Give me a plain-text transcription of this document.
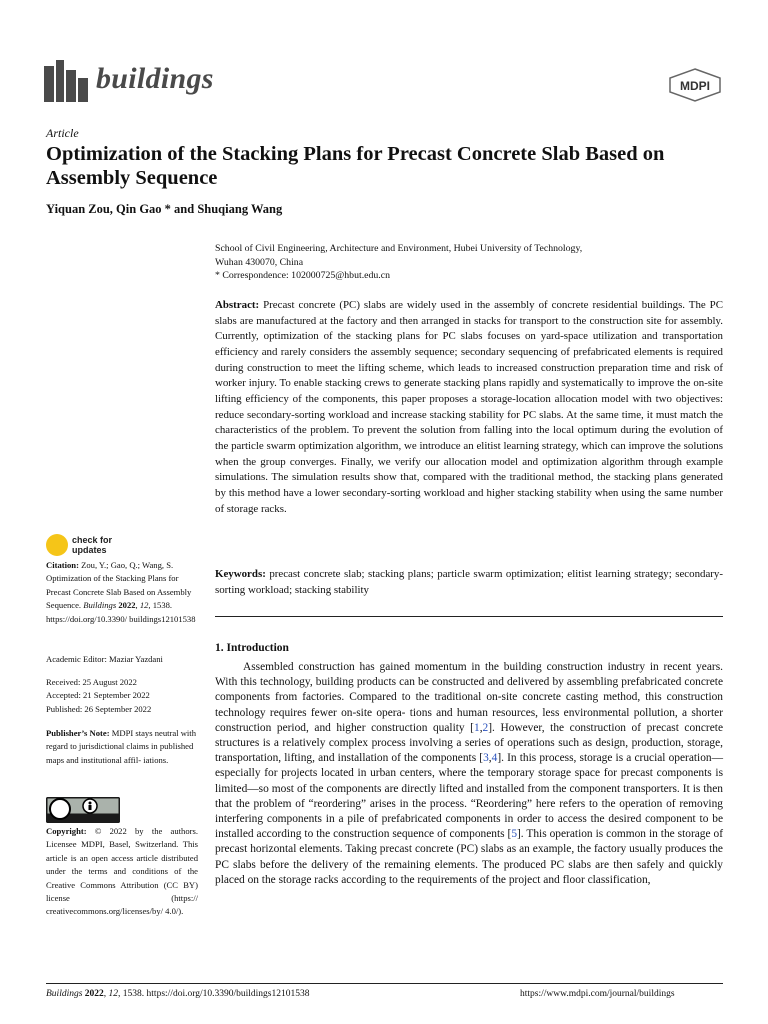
buildings	MDPI
Article
Optimization of the Stacking Plans for Precast Concrete Slab Based on Assembly Sequence
Yiquan Zou, Qin Gao * and Shuqiang Wang
School of Civil Engineering, Architecture and Environment, Hubei University of Technology,
Wuhan 430070, China
* Correspondence: 102000725@hbut.edu.cn
Abstract: Precast concrete (PC) slabs are widely used in the assembly of concrete residential buildings. The PC slabs are manufactured at the factory and then arranged in stacks for transport to the construction site for assembly. Currently, optimization of the stacking plans for PC slabs focuses on yard-space utilization and transportation efficiency and rarely considers the assembly sequence; secondary sequencing of prefabricated elements is required during construction to meet the lifting scheme, which leads to increased construction preparation time and risk of worker injury. To enable stacking crews to generate stacking plans rapidly and systematically to improve the on-site lifting efficiency of the components, this paper proposes a storage-location allocation model with two objectives: reduce secondary-sorting workload and increase stacking stability for PC slabs. At the same time, it must match the characteristics of the problem. To prevent the solution from falling into the local optimum during the evolution of the particle swarm optimization algorithm, we introduce an elitist learning strategy, which can improve the solutions when the group converges. Finally, we verify our allocation model and optimization algorithm through example simulations. The simulation results show that, compared with the traditional method, the stacking plans generated by this method have a lower secondary-sorting workload and higher stacking stability when using the same number of storage racks.
Keywords: precast concrete slab; stacking plans; particle swarm optimization; elitist learning strategy; secondary-sorting workload; stacking stability
1. Introduction

Assembled construction has gained momentum in the building construction industry in recent years. With this technology, building products can be constructed and delivered by assembling prefabricated concrete components from factories. Compared to the traditional on-site concrete casting method, this construction technology requires fewer on-site opera- tions and human resources, less environmental pollution, a shorter construction period, and higher construction quality [1,2]. However, the construction of precast concrete structures is a relatively complex process involving a series of operations such as design, production, storage, transportation, lifting, and installation of the components [3,4]. In this process, storage is a crucial operation—especially for projects located in urban centers, where the temporary storage space for precast components is limited—so most of the components are directly lifted and installed from the component transporters. It is then that the problem of “reordering” arises in the process. “Reordering” here refers to the operation of removing interfering components in a pile of prefabricated components in order to access the desired component to be installed according to the construction sequence of components [5]. This operation is common in the storage of precast horizontal elements. Taking precast concrete (PC) slabs as an example, the factory usually produces the PC slabs before the delivery of the remaining elements. The produced PC slabs are then safely and quickly placed on the storage racks according to the requirements of the project and floor classification,

check for
updates
Citation: Zou, Y.; Gao, Q.; Wang, S. Optimization of the Stacking Plans for Precast Concrete Slab Based on Assembly Sequence. Buildings 2022, 12, 1538. https://doi.org/10.3390/ buildings12101538
Academic Editor: Maziar Yazdani
Received: 25 August 2022
Accepted: 21 September 2022
Published: 26 September 2022
Publisher’s Note: MDPI stays neutral with regard to jurisdictional claims in published maps and institutional affil- iations.
Copyright: © 2022 by the authors. Licensee MDPI, Basel, Switzerland. This article is an open access article distributed under the terms and conditions of the Creative Commons Attribution (CC BY) license (https:// creativecommons.org/licenses/by/ 4.0/).
Buildings 2022, 12, 1538. https://doi.org/10.3390/buildings12101538	https://www.mdpi.com/journal/buildings
